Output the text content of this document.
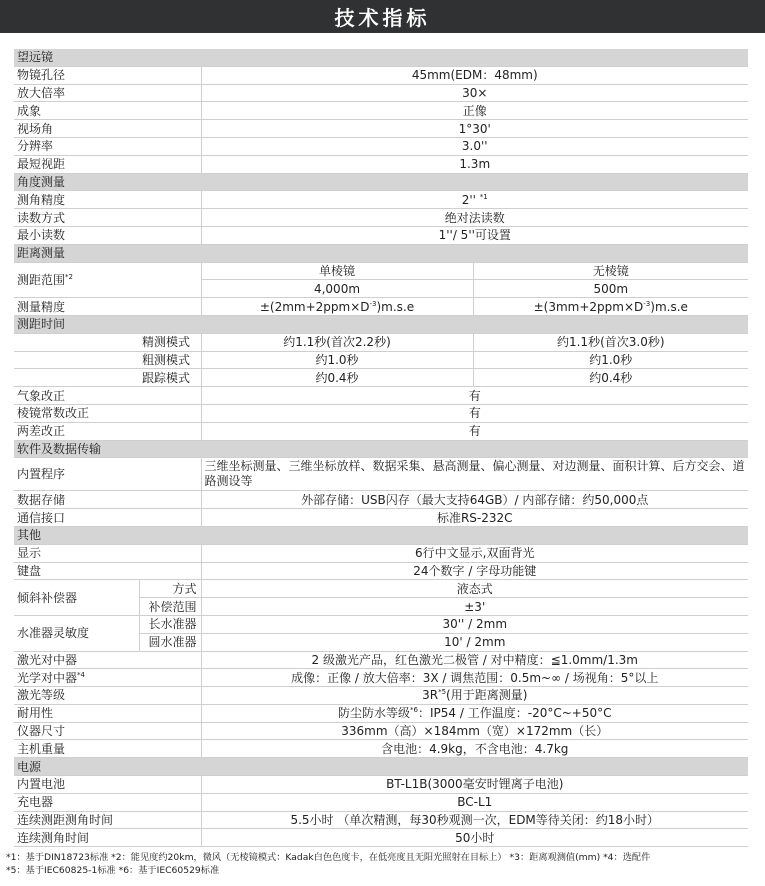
技术指标
望远镜			
物镜孔径		45mm(EDM：48mm)	
放大倍率		30×	
成象		正像	
视场角		1°30'	
分辨率		3.0''	
最短视距		1.3m	
角度测量			
测角精度		2'' $^{*1}$
读数方式		绝对法读数	
最小读数		1''/ 5''可设置	
距离测量			
测距范围$^{*2}$		单棱镜	无棱镜
		4,000m	500m
测量精度		$\pm(2mm+2ppm\times D^{-3})m.s.e$	$\pm(3mm+2ppm\times D^{-3})m.s.e$
测距时间			
	精测模式	约1.1秒(首次2.2秒)	约1.1秒(首次3.0秒)
	粗测模式	约1.0秒	约1.0秒
	跟踪模式	约0.4秒	约0.4秒
气象改正		有	
棱镜常数改正		有	
两差改正		有	
软件及数据传输			
内置程序		三维坐标测量、三维坐标放样、数据采集、悬高测量、偏心测量、对边测量、面积计算、后方交会、道路测设等	
数据存储		外部存储：USB闪存（最大支持64GB）/ 内部存储：约50,000点	
通信接口		标准RS-232C	
其他			
显示		6行中文显示,双面背光	
键盘		24个数字 / 字母功能键	
倾斜补偿器	方式	液态式	
	补偿范围	±3'	
水准器灵敏度	长水准器	30'' / 2mm	
	圆水准器	10' / 2mm	
激光对中器		2 级激光产品，红色激光二极管 / 对中精度：≦1.0mm/1.3m	
光学对中器$^{*4}$		成像：正像 / 放大倍率：3X / 调焦范围：0.5m~∞ / 场视角：5°以上	
激光等级		$3R^{*5}$(用于距离测量)	
耐用性		防尘防水等级$^{*6}$：IP54 / 工作温度：-20°C~+50°C	
仪器尺寸		336mm（高）×184mm（宽）×172mm（长）	
主机重量		含电池：4.9kg，不含电池：4.7kg	
电源			
内置电池		BT-L1B(3000毫安时锂离子电池)	
充电器		BC-L1	
连续测距测角时间		5.5小时 （单次精测，每30秒观测一次，EDM等待关闭：约18小时）	
连续测角时间		50小时	
*1：基于DIN18723标准 *2：能见度约20km，微风（无棱镜模式：Kadak白色色度卡，在低亮度且无阳光照射在目标上） *3：距离观测值(mm) *4：选配件
*5：基于IEC60825-1标准 *6：基于IEC60529标准
